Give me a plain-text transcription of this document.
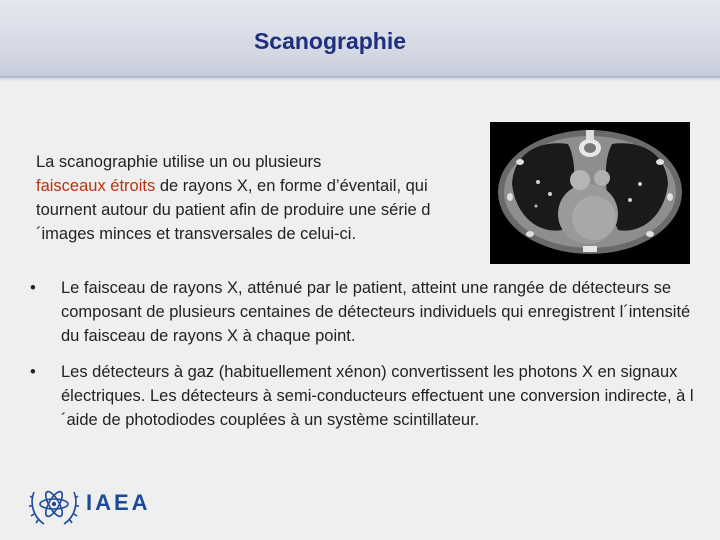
Scanographie
La scanographie utilise un ou plusieurs
faisceaux étroits de rayons X, en forme d’éventail, qui tournent autour du patient afin de produire une série d´images minces et transversales de celui-ci.
•	Le faisceau de rayons X, atténué par le patient, atteint une rangée de détecteurs se composant de plusieurs centaines de détecteurs individuels qui enregistrent l´intensité du faisceau de rayons X à chaque point.
•	Les détecteurs à gaz (habituellement xénon) convertissent les photons X en signaux électriques. Les détecteurs à semi-conducteurs effectuent une conversion indirecte, à l´aide de photodiodes couplées à un système scintillateur.
IAEA
